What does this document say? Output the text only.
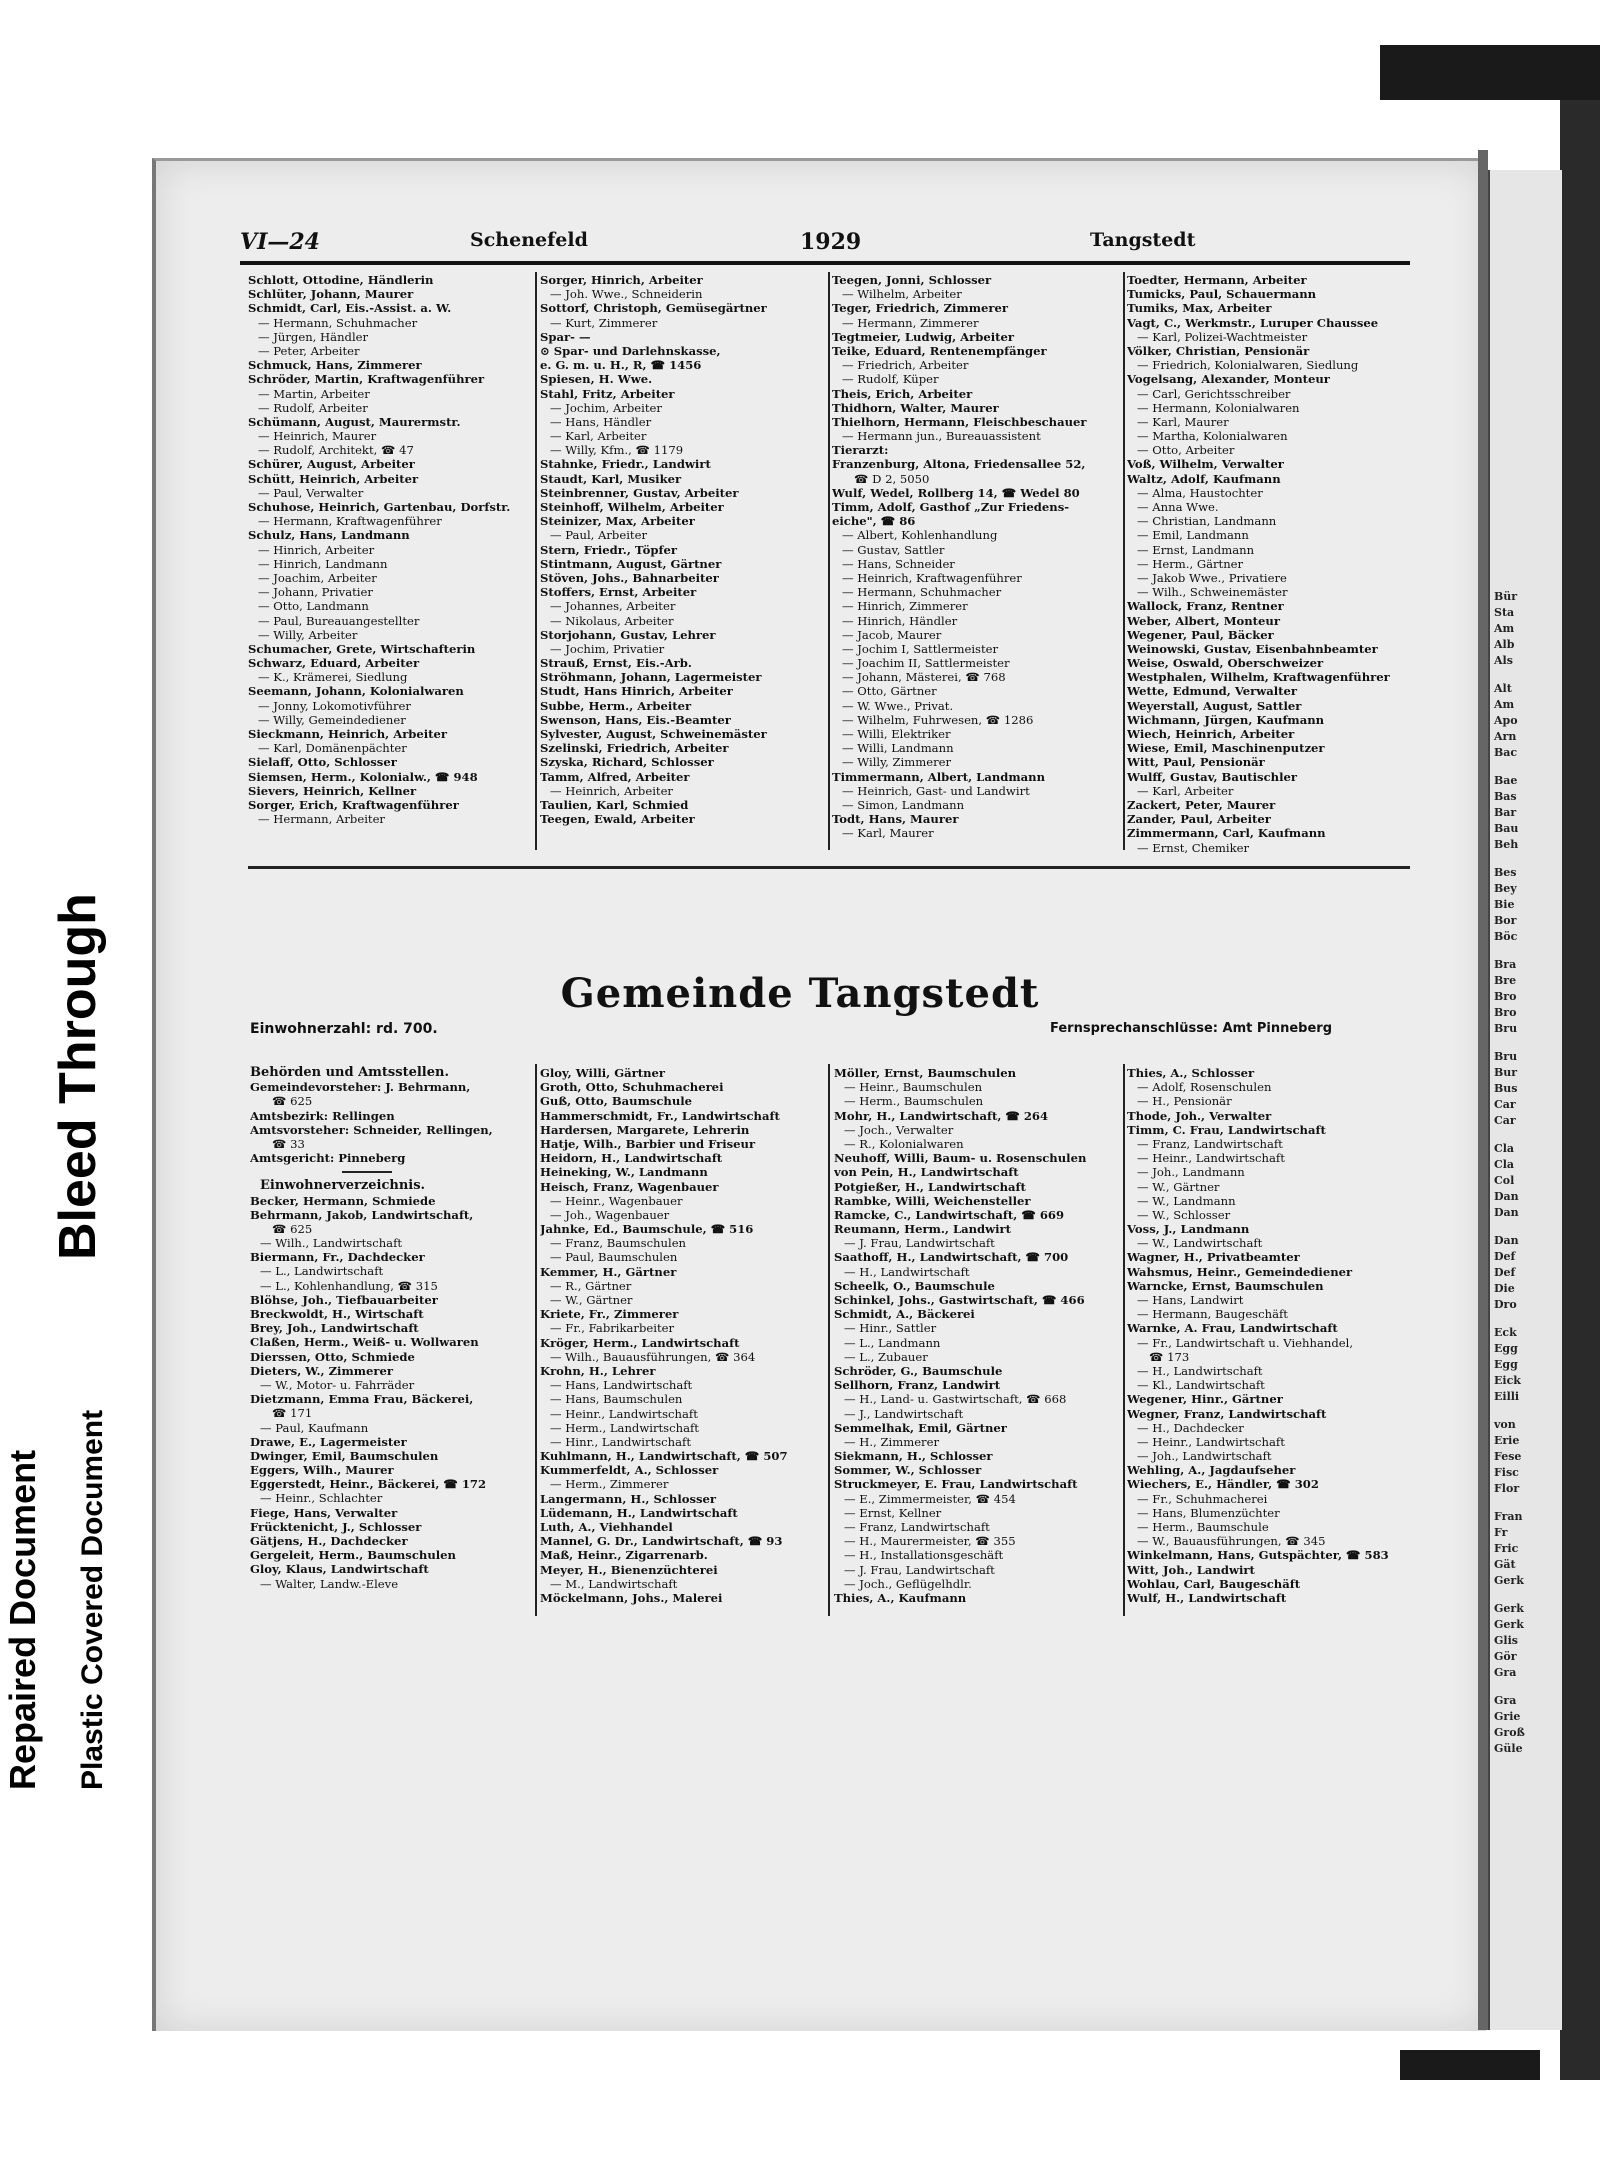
Repaired Document Plastic Covered Document
Bleed Through
Bür
Sta
Am
Alb
Als
Alt
Am
Apo
Arn
Bac
Bae
Bas
Bar
Bau
Beh
Bes
Bey
Bie
Bor
Böc
Bra
Bre
Bro
Bro
Bru
Bru
Bur
Bus
Car
Car
Cla
Cla
Col
Dan
Dan
Dan
Def
Def
Die
Dro
Eck
Egg
Egg
Eick
Eilli
von
Erie
Fese
Fisc
Flor
Fran
Fr
Fric
Gät
Gerk
Gerk
Gerk
Glis
Gör
Gra
Gra
Grie
Groß
Güle
VI—24	Schenefeld	1929	Tangstedt
Schlott, Ottodine, Händlerin
Schlüter, Johann, Maurer
Schmidt, Carl, Eis.-Assist. a. W.
— Hermann, Schuhmacher
— Jürgen, Händler
— Peter, Arbeiter
Schmuck, Hans, Zimmerer
Schröder, Martin, Kraftwagenführer
— Martin, Arbeiter
— Rudolf, Arbeiter
Schümann, August, Maurermstr.
— Heinrich, Maurer
— Rudolf, Architekt, ☎ 47
Schürer, August, Arbeiter
Schütt, Heinrich, Arbeiter
— Paul, Verwalter
Schuhose, Heinrich, Gartenbau, Dorfstr.
— Hermann, Kraftwagenführer
Schulz, Hans, Landmann
— Hinrich, Arbeiter
— Hinrich, Landmann
— Joachim, Arbeiter
— Johann, Privatier
— Otto, Landmann
— Paul, Bureauangestellter
— Willy, Arbeiter
Schumacher, Grete, Wirtschafterin
Schwarz, Eduard, Arbeiter
— K., Krämerei, Siedlung
Seemann, Johann, Kolonialwaren
— Jonny, Lokomotivführer
— Willy, Gemeindediener
Sieckmann, Heinrich, Arbeiter
— Karl, Domänenpächter
Sielaff, Otto, Schlosser
Siemsen, Herm., Kolonialw., ☎ 948
Sievers, Heinrich, Kellner
Sorger, Erich, Kraftwagenführer
— Hermann, Arbeiter
Sorger, Hinrich, Arbeiter
— Joh. Wwe., Schneiderin
Sottorf, Christoph, Gemüsegärtner
— Kurt, Zimmerer
Spar- —
⊙ Spar- und Darlehnskasse,
e. G. m. u. H., R, ☎ 1456
Spiesen, H. Wwe.
Stahl, Fritz, Arbeiter
— Jochim, Arbeiter
— Hans, Händler
— Karl, Arbeiter
— Willy, Kfm., ☎ 1179
Stahnke, Friedr., Landwirt
Staudt, Karl, Musiker
Steinbrenner, Gustav, Arbeiter
Steinhoff, Wilhelm, Arbeiter
Steinizer, Max, Arbeiter
— Paul, Arbeiter
Stern, Friedr., Töpfer
Stintmann, August, Gärtner
Stöven, Johs., Bahnarbeiter
Stoffers, Ernst, Arbeiter
— Johannes, Arbeiter
— Nikolaus, Arbeiter
Storjohann, Gustav, Lehrer
— Jochim, Privatier
Strauß, Ernst, Eis.-Arb.
Ströhmann, Johann, Lagermeister
Studt, Hans Hinrich, Arbeiter
Subbe, Herm., Arbeiter
Swenson, Hans, Eis.-Beamter
Sylvester, August, Schweinemäster
Szelinski, Friedrich, Arbeiter
Szyska, Richard, Schlosser
Tamm, Alfred, Arbeiter
— Heinrich, Arbeiter
Taulien, Karl, Schmied
Teegen, Ewald, Arbeiter
Teegen, Jonni, Schlosser
— Wilhelm, Arbeiter
Teger, Friedrich, Zimmerer
— Hermann, Zimmerer
Tegtmeier, Ludwig, Arbeiter
Teike, Eduard, Rentenempfänger
— Friedrich, Arbeiter
— Rudolf, Küper
Theis, Erich, Arbeiter
Thidhorn, Walter, Maurer
Thielhorn, Hermann, Fleischbeschauer
— Hermann jun., Bureauassistent
Tierarzt:
Franzenburg, Altona, Friedensallee 52,
☎ D 2, 5050
Wulf, Wedel, Rollberg 14, ☎ Wedel 80
Timm, Adolf, Gasthof „Zur Friedens-
eiche", ☎ 86
— Albert, Kohlenhandlung
— Gustav, Sattler
— Hans, Schneider
— Heinrich, Kraftwagenführer
— Hermann, Schuhmacher
— Hinrich, Zimmerer
— Hinrich, Händler
— Jacob, Maurer
— Jochim I, Sattlermeister
— Joachim II, Sattlermeister
— Johann, Mästerei, ☎ 768
— Otto, Gärtner
— W. Wwe., Privat.
— Wilhelm, Fuhrwesen, ☎ 1286
— Willi, Elektriker
— Willi, Landmann
— Willy, Zimmerer
Timmermann, Albert, Landmann
— Heinrich, Gast- und Landwirt
— Simon, Landmann
Todt, Hans, Maurer
— Karl, Maurer
Toedter, Hermann, Arbeiter
Tumicks, Paul, Schauermann
Tumiks, Max, Arbeiter
Vagt, C., Werkmstr., Luruper Chaussee
— Karl, Polizei-Wachtmeister
Völker, Christian, Pensionär
— Friedrich, Kolonialwaren, Siedlung
Vogelsang, Alexander, Monteur
— Carl, Gerichtsschreiber
— Hermann, Kolonialwaren
— Karl, Maurer
— Martha, Kolonialwaren
— Otto, Arbeiter
Voß, Wilhelm, Verwalter
Waltz, Adolf, Kaufmann
— Alma, Haustochter
— Anna Wwe.
— Christian, Landmann
— Emil, Landmann
— Ernst, Landmann
— Herm., Gärtner
— Jakob Wwe., Privatiere
— Wilh., Schweinemäster
Wallock, Franz, Rentner
Weber, Albert, Monteur
Wegener, Paul, Bäcker
Weinowski, Gustav, Eisenbahnbeamter
Weise, Oswald, Oberschweizer
Westphalen, Wilhelm, Kraftwagenführer
Wette, Edmund, Verwalter
Weyerstall, August, Sattler
Wichmann, Jürgen, Kaufmann
Wiech, Heinrich, Arbeiter
Wiese, Emil, Maschinenputzer
Witt, Paul, Pensionär
Wulff, Gustav, Bautischler
— Karl, Arbeiter
Zackert, Peter, Maurer
Zander, Paul, Arbeiter
Zimmermann, Carl, Kaufmann
— Ernst, Chemiker
Gemeinde Tangstedt
Einwohnerzahl: rd. 700.	Fernsprechanschlüsse: Amt Pinneberg
Behörden und Amtsstellen.
Gemeindevorsteher: J. Behrmann,
☎ 625
Amtsbezirk: Rellingen
Amtsvorsteher: Schneider, Rellingen,
☎ 33
Amtsgericht: Pinneberg
Einwohnerverzeichnis.
Becker, Hermann, Schmiede
Behrmann, Jakob, Landwirtschaft,
☎ 625
— Wilh., Landwirtschaft
Biermann, Fr., Dachdecker
— L., Landwirtschaft
— L., Kohlenhandlung, ☎ 315
Blöhse, Joh., Tiefbauarbeiter
Breckwoldt, H., Wirtschaft
Brey, Joh., Landwirtschaft
Claßen, Herm., Weiß- u. Wollwaren
Dierssen, Otto, Schmiede
Dieters, W., Zimmerer
— W., Motor- u. Fahrräder
Dietzmann, Emma Frau, Bäckerei,
☎ 171
— Paul, Kaufmann
Drawe, E., Lagermeister
Dwinger, Emil, Baumschulen
Eggers, Wilh., Maurer
Eggerstedt, Heinr., Bäckerei, ☎ 172
— Heinr., Schlachter
Fiege, Hans, Verwalter
Frücktenicht, J., Schlosser
Gätjens, H., Dachdecker
Gergeleit, Herm., Baumschulen
Gloy, Klaus, Landwirtschaft
— Walter, Landw.-Eleve
Gloy, Willi, Gärtner
Groth, Otto, Schuhmacherei
Guß, Otto, Baumschule
Hammerschmidt, Fr., Landwirtschaft
Hardersen, Margarete, Lehrerin
Hatje, Wilh., Barbier und Friseur
Heidorn, H., Landwirtschaft
Heineking, W., Landmann
Heisch, Franz, Wagenbauer
— Heinr., Wagenbauer
— Joh., Wagenbauer
Jahnke, Ed., Baumschule, ☎ 516
— Franz, Baumschulen
— Paul, Baumschulen
Kemmer, H., Gärtner
— R., Gärtner
— W., Gärtner
Kriete, Fr., Zimmerer
— Fr., Fabrikarbeiter
Kröger, Herm., Landwirtschaft
— Wilh., Bauausführungen, ☎ 364
Krohn, H., Lehrer
— Hans, Landwirtschaft
— Hans, Baumschulen
— Heinr., Landwirtschaft
— Herm., Landwirtschaft
— Hinr., Landwirtschaft
Kuhlmann, H., Landwirtschaft, ☎ 507
Kummerfeldt, A., Schlosser
— Herm., Zimmerer
Langermann, H., Schlosser
Lüdemann, H., Landwirtschaft
Luth, A., Viehhandel
Mannel, G. Dr., Landwirtschaft, ☎ 93
Maß, Heinr., Zigarrenarb.
Meyer, H., Bienenzüchterei
— M., Landwirtschaft
Möckelmann, Johs., Malerei
Möller, Ernst, Baumschulen
— Heinr., Baumschulen
— Herm., Baumschulen
Mohr, H., Landwirtschaft, ☎ 264
— Joch., Verwalter
— R., Kolonialwaren
Neuhoff, Willi, Baum- u. Rosenschulen
von Pein, H., Landwirtschaft
Potgießer, H., Landwirtschaft
Rambke, Willi, Weichensteller
Ramcke, C., Landwirtschaft, ☎ 669
Reumann, Herm., Landwirt
— J. Frau, Landwirtschaft
Saathoff, H., Landwirtschaft, ☎ 700
— H., Landwirtschaft
Scheelk, O., Baumschule
Schinkel, Johs., Gastwirtschaft, ☎ 466
Schmidt, A., Bäckerei
— Hinr., Sattler
— L., Landmann
— L., Zubauer
Schröder, G., Baumschule
Sellhorn, Franz, Landwirt
— H., Land- u. Gastwirtschaft, ☎ 668
— J., Landwirtschaft
Semmelhak, Emil, Gärtner
— H., Zimmerer
Siekmann, H., Schlosser
Sommer, W., Schlosser
Struckmeyer, E. Frau, Landwirtschaft
— E., Zimmermeister, ☎ 454
— Ernst, Kellner
— Franz, Landwirtschaft
— H., Maurermeister, ☎ 355
— H., Installationsgeschäft
— J. Frau, Landwirtschaft
— Joch., Geflügelhdlr.
Thies, A., Kaufmann
Thies, A., Schlosser
— Adolf, Rosenschulen
— H., Pensionär
Thode, Joh., Verwalter
Timm, C. Frau, Landwirtschaft
— Franz, Landwirtschaft
— Heinr., Landwirtschaft
— Joh., Landmann
— W., Gärtner
— W., Landmann
— W., Schlosser
Voss, J., Landmann
— W., Landwirtschaft
Wagner, H., Privatbeamter
Wahsmus, Heinr., Gemeindediener
Warncke, Ernst, Baumschulen
— Hans, Landwirt
— Hermann, Baugeschäft
Warnke, A. Frau, Landwirtschaft
— Fr., Landwirtschaft u. Viehhandel,
☎ 173
— H., Landwirtschaft
— Kl., Landwirtschaft
Wegener, Hinr., Gärtner
Wegner, Franz, Landwirtschaft
— H., Dachdecker
— Heinr., Landwirtschaft
— Joh., Landwirtschaft
Wehling, A., Jagdaufseher
Wiechers, E., Händler, ☎ 302
— Fr., Schuhmacherei
— Hans, Blumenzüchter
— Herm., Baumschule
— W., Bauausführungen, ☎ 345
Winkelmann, Hans, Gutspächter, ☎ 583
Witt, Joh., Landwirt
Wohlau, Carl, Baugeschäft
Wulf, H., Landwirtschaft
